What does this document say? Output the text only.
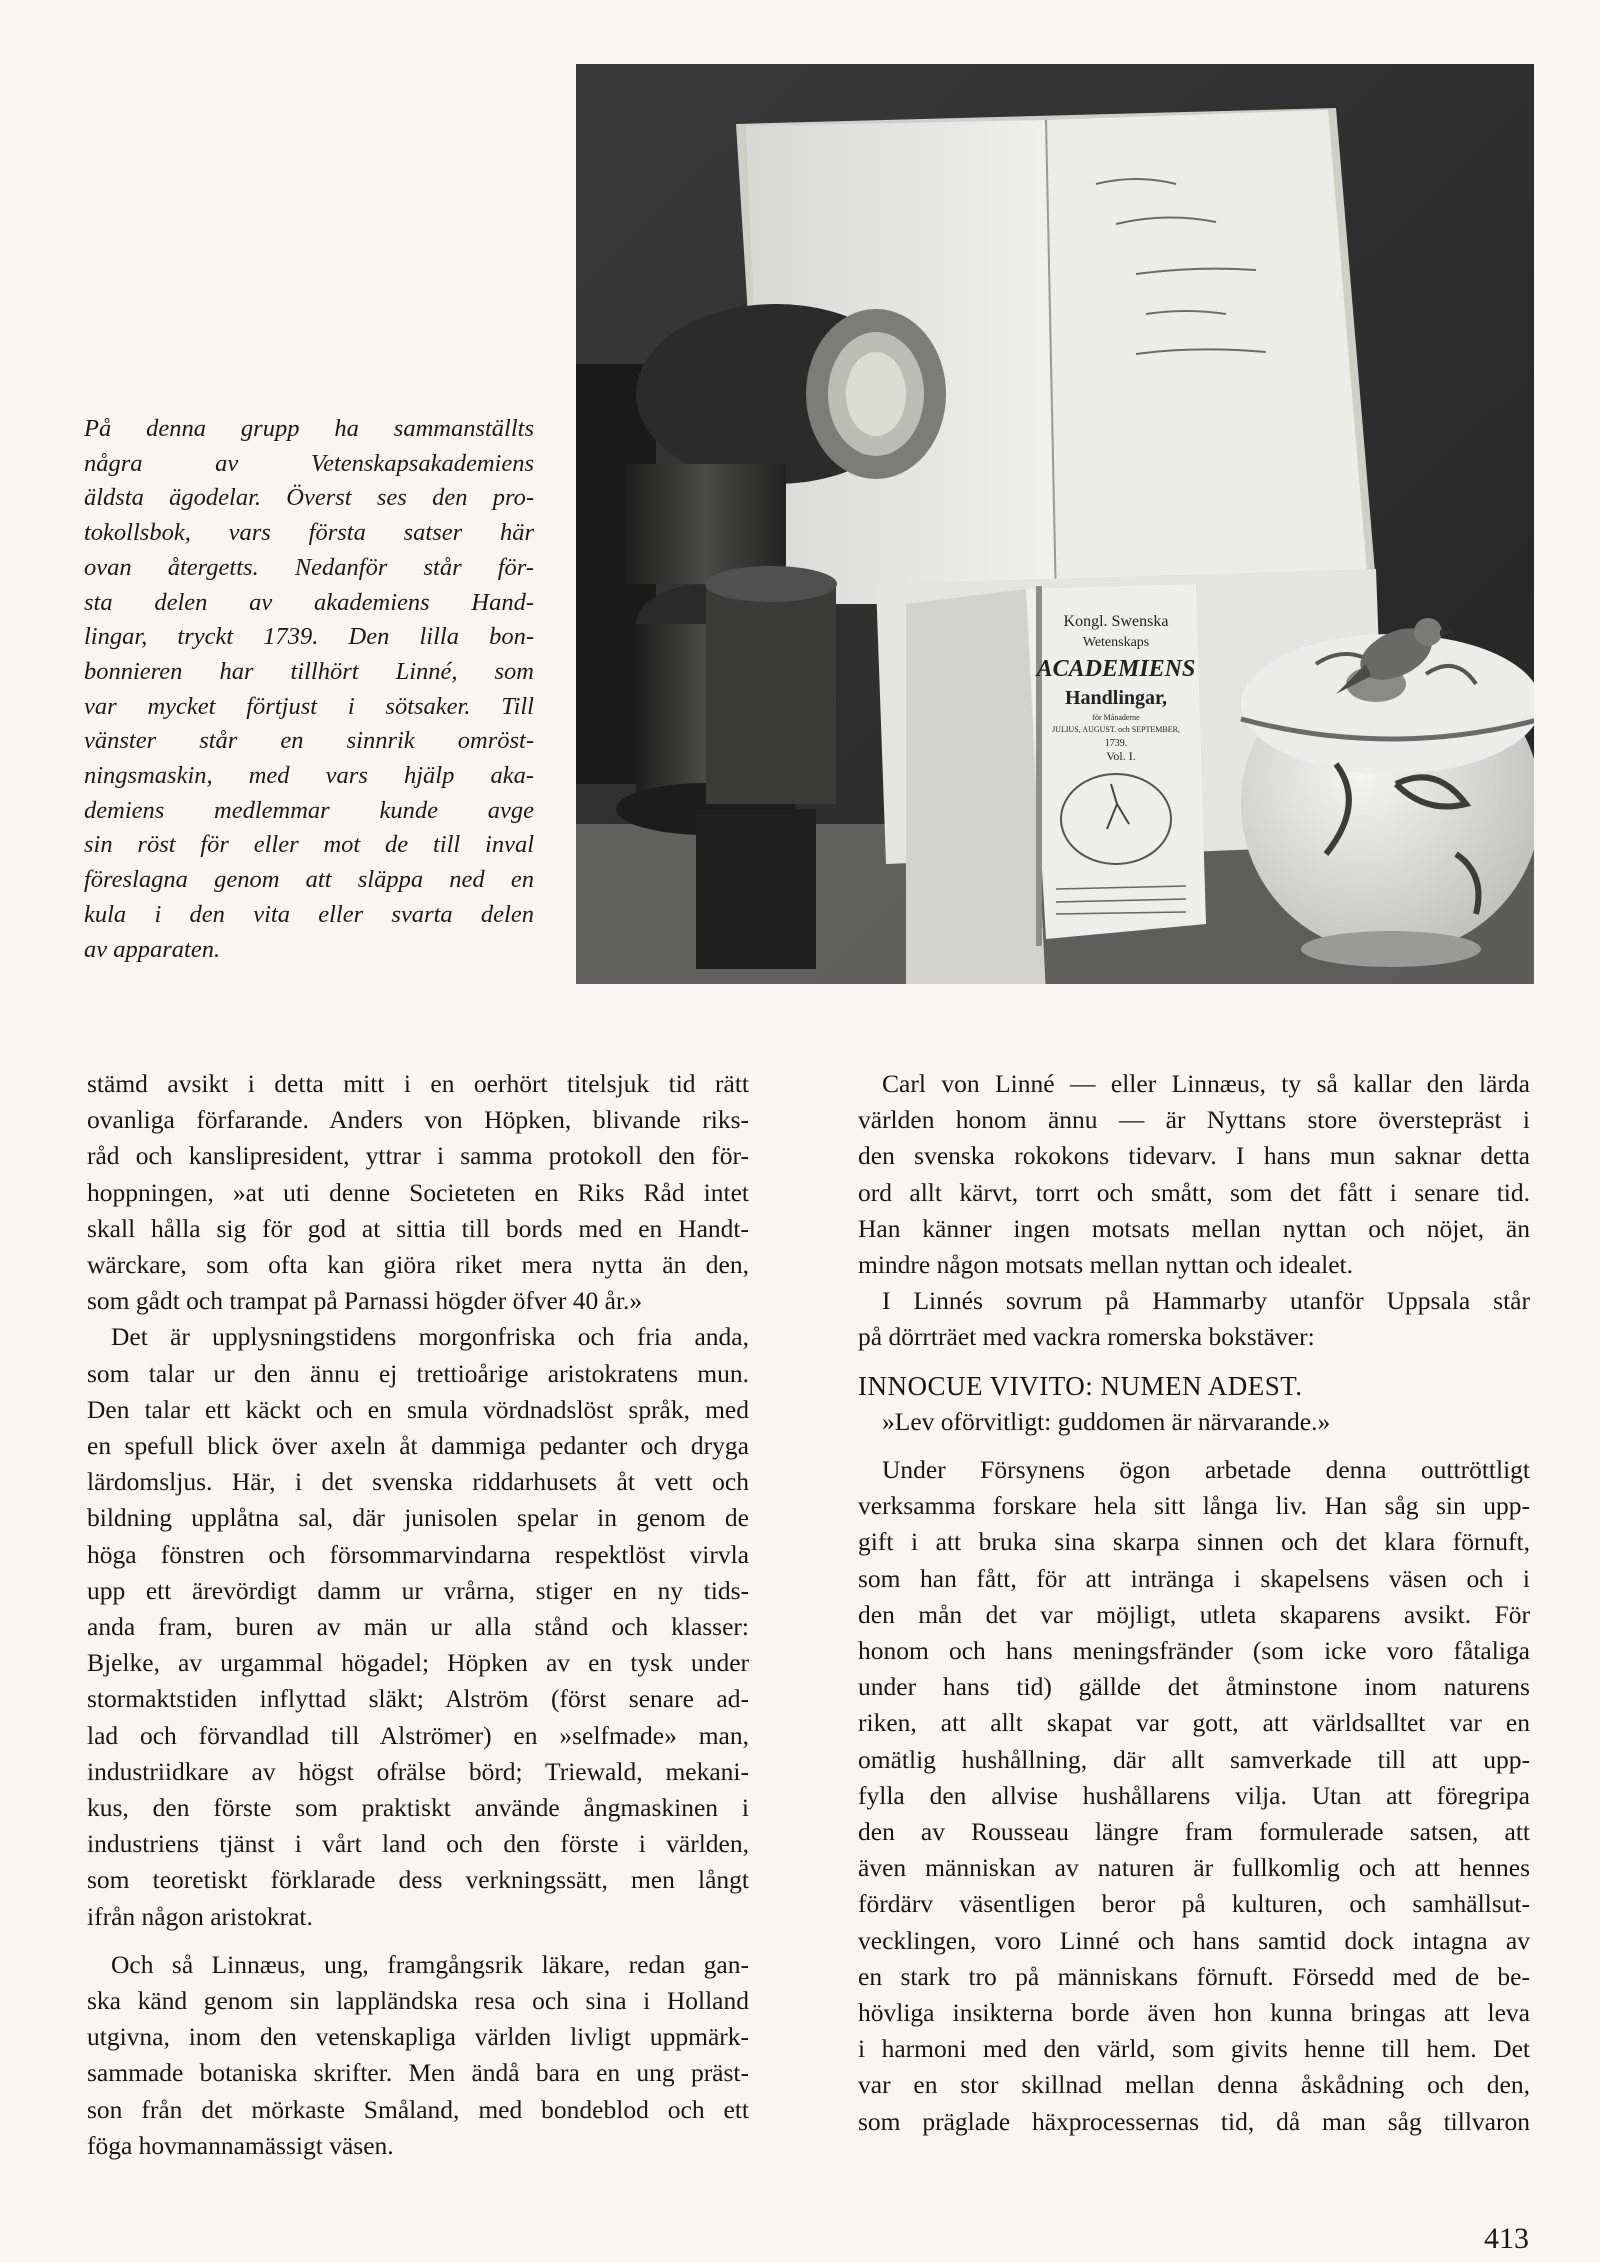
På denna grupp ha sammanställts
några av Vetenskapsakademiens
äldsta ägodelar. Överst ses den pro-
tokollsbok, vars första satser här
ovan återgetts. Nedanför står för-
sta delen av akademiens Hand-
lingar, tryckt 1739. Den lilla bon-
bonnieren har tillhört Linné, som
var mycket förtjust i sötsaker. Till
vänster står en sinnrik omröst-
ningsmaskin, med vars hjälp aka-
demiens medlemmar kunde avge
sin röst för eller mot de till inval
föreslagna genom att släppa ned en
kula i den vita eller svarta delen
av apparaten.
Kongl. Swenska
Wetenskaps
ACADEMIENS
Handlingar,
för Månaderne
JULIUS, AUGUST. och SEPTEMBER,
1739.
Vol. I.
stämd avsikt i detta mitt i en oerhört titelsjuk tid rätt
ovanliga förfarande. Anders von Höpken, blivande riks-
råd och kanslipresident, yttrar i samma protokoll den för-
hoppningen, »at uti denne Societeten en Riks Råd intet
skall hålla sig för god at sittia till bords med en Handt-
wärckare, som ofta kan giöra riket mera nytta än den,
som gådt och trampat på Parnassi högder öfver 40 år.»
Det är upplysningstidens morgonfriska och fria anda,
som talar ur den ännu ej trettioårige aristokratens mun.
Den talar ett käckt och en smula vördnadslöst språk, med
en spefull blick över axeln åt dammiga pedanter och dryga
lärdomsljus. Här, i det svenska riddarhusets åt vett och
bildning upplåtna sal, där junisolen spelar in genom de
höga fönstren och försommarvindarna respektlöst virvla
upp ett ärevördigt damm ur vrårna, stiger en ny tids-
anda fram, buren av män ur alla stånd och klasser:
Bjelke, av urgammal högadel; Höpken av en tysk under
stormaktstiden inflyttad släkt; Alström (först senare ad-
lad och förvandlad till Alströmer) en »selfmade» man,
industriidkare av högst ofrälse börd; Triewald, mekani-
kus, den förste som praktiskt använde ångmaskinen i
industriens tjänst i vårt land och den förste i världen,
som teoretiskt förklarade dess verkningssätt, men långt
ifrån någon aristokrat.
Och så Linnæus, ung, framgångsrik läkare, redan gan-
ska känd genom sin lappländska resa och sina i Holland
utgivna, inom den vetenskapliga världen livligt uppmärk-
sammade botaniska skrifter. Men ändå bara en ung präst-
son från det mörkaste Småland, med bondeblod och ett
föga hovmannamässigt väsen.
Carl von Linné — eller Linnæus, ty så kallar den lärda
världen honom ännu — är Nyttans store överstepräst i
den svenska rokokons tidevarv. I hans mun saknar detta
ord allt kärvt, torrt och smått, som det fått i senare tid.
Han känner ingen motsats mellan nyttan och nöjet, än
mindre någon motsats mellan nyttan och idealet.
I Linnés sovrum på Hammarby utanför Uppsala står
på dörrträet med vackra romerska bokstäver:
INNOCUE VIVITO: NUMEN ADEST.
»Lev oförvitligt: guddomen är närvarande.»
Under Försynens ögon arbetade denna outtröttligt
verksamma forskare hela sitt långa liv. Han såg sin upp-
gift i att bruka sina skarpa sinnen och det klara förnuft,
som han fått, för att intränga i skapelsens väsen och i
den mån det var möjligt, utleta skaparens avsikt. För
honom och hans meningsfränder (som icke voro fåtaliga
under hans tid) gällde det åtminstone inom naturens
riken, att allt skapat var gott, att världsalltet var en
omätlig hushållning, där allt samverkade till att upp-
fylla den allvise hushållarens vilja. Utan att föregripa
den av Rousseau längre fram formulerade satsen, att
även människan av naturen är fullkomlig och att hennes
fördärv väsentligen beror på kulturen, och samhällsut-
vecklingen, voro Linné och hans samtid dock intagna av
en stark tro på människans förnuft. Försedd med de be-
hövliga insikterna borde även hon kunna bringas att leva
i harmoni med den värld, som givits henne till hem. Det
var en stor skillnad mellan denna åskådning och den,
som präglade häxprocessernas tid, då man såg tillvaron
413
